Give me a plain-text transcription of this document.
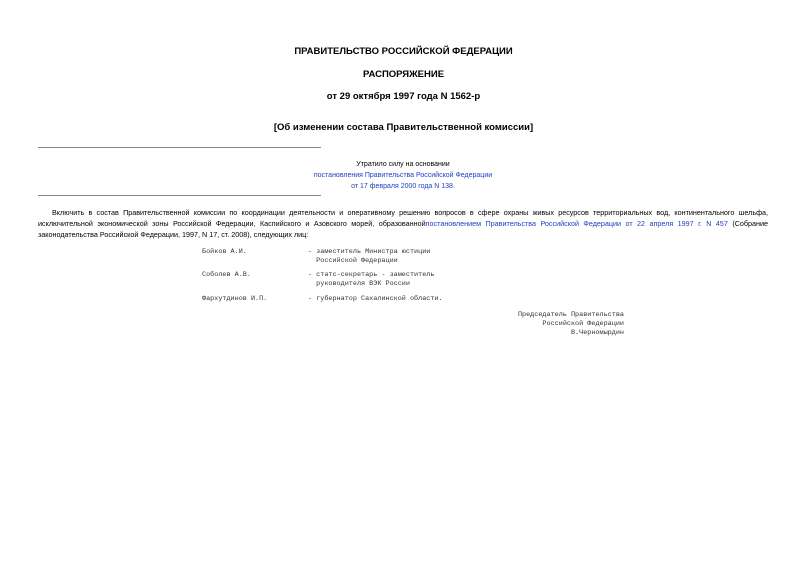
ПРАВИТЕЛЬСТВО РОССИЙСКОЙ ФЕДЕРАЦИИ
РАСПОРЯЖЕНИЕ
от 29 октября 1997 года N 1562-р
[Об изменении состава Правительственной комиссии]
Утратило силу на основании
постановления Правительства Российской Федерации
от 17 февраля 2000 года N 138.
Включить в состав Правительственной комиссии по координации деятельности и оперативному решению вопросов в сфере охраны живых ресурсов территориальных вод, континентального шельфа, исключительной экономической зоны Российской Федерации, Каспийского и Азовского морей, образованнойпостановлением Правительства Российской Федерации от 22 апреля 1997 г. N 457 (Собрание законодательства Российской Федерации, 1997, N 17, ст. 2008), следующих лиц:
Бойков А.И.	- заместитель Министра юстиции
Российской Федерации
Соболев А.В.	- статс-секретарь - заместитель
руководителя ВЭК России
Фархутдинов И.П.	- губернатор Сахалинской области.
Председатель Правительства
Российской Федерации
В.Черномырдин
